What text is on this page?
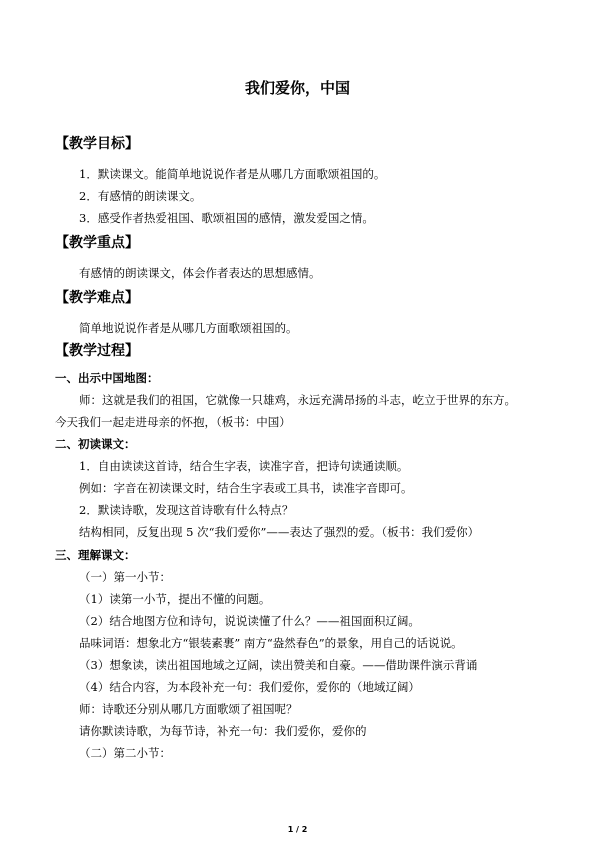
我们爱你，中国
【教学目标】
1．默读课文。能简单地说说作者是从哪几方面歌颂祖国的。
2．有感情的朗读课文。
3．感受作者热爱祖国、歌颂祖国的感情，激发爱国之情。
【教学重点】
有感情的朗读课文，体会作者表达的思想感情。
【教学难点】
简单地说说作者是从哪几方面歌颂祖国的。
【教学过程】
一、出示中国地图：
师：这就是我们的祖国，它就像一只雄鸡，永远充满昂扬的斗志，屹立于世界的东方。
今天我们一起走进母亲的怀抱，（板书：中国）
二、初读课文：
1．自由读读这首诗，结合生字表，读准字音，把诗句读通读顺。
例如：字音在初读课文时，结合生字表或工具书，读准字音即可。
2．默读诗歌，发现这首诗歌有什么特点？
结构相同，反复出现 5 次“我们爱你”——表达了强烈的爱。（板书：我们爱你）
三、理解课文：
（一）第一小节：
（1）读第一小节，提出不懂的问题。
（2）结合地图方位和诗句，说说读懂了什么？——祖国面积辽阔。
品味词语：想象北方“银装素裹” 南方“盎然春色”的景象，用自己的话说说。
（3）想象读，读出祖国地域之辽阔，读出赞美和自豪。——借助课件演示背诵
（4）结合内容，为本段补充一句：我们爱你，爱你的（地域辽阔）
师：诗歌还分别从哪几方面歌颂了祖国呢？
请你默读诗歌，为每节诗，补充一句：我们爱你，爱你的
（二）第二小节：
1 / 2
